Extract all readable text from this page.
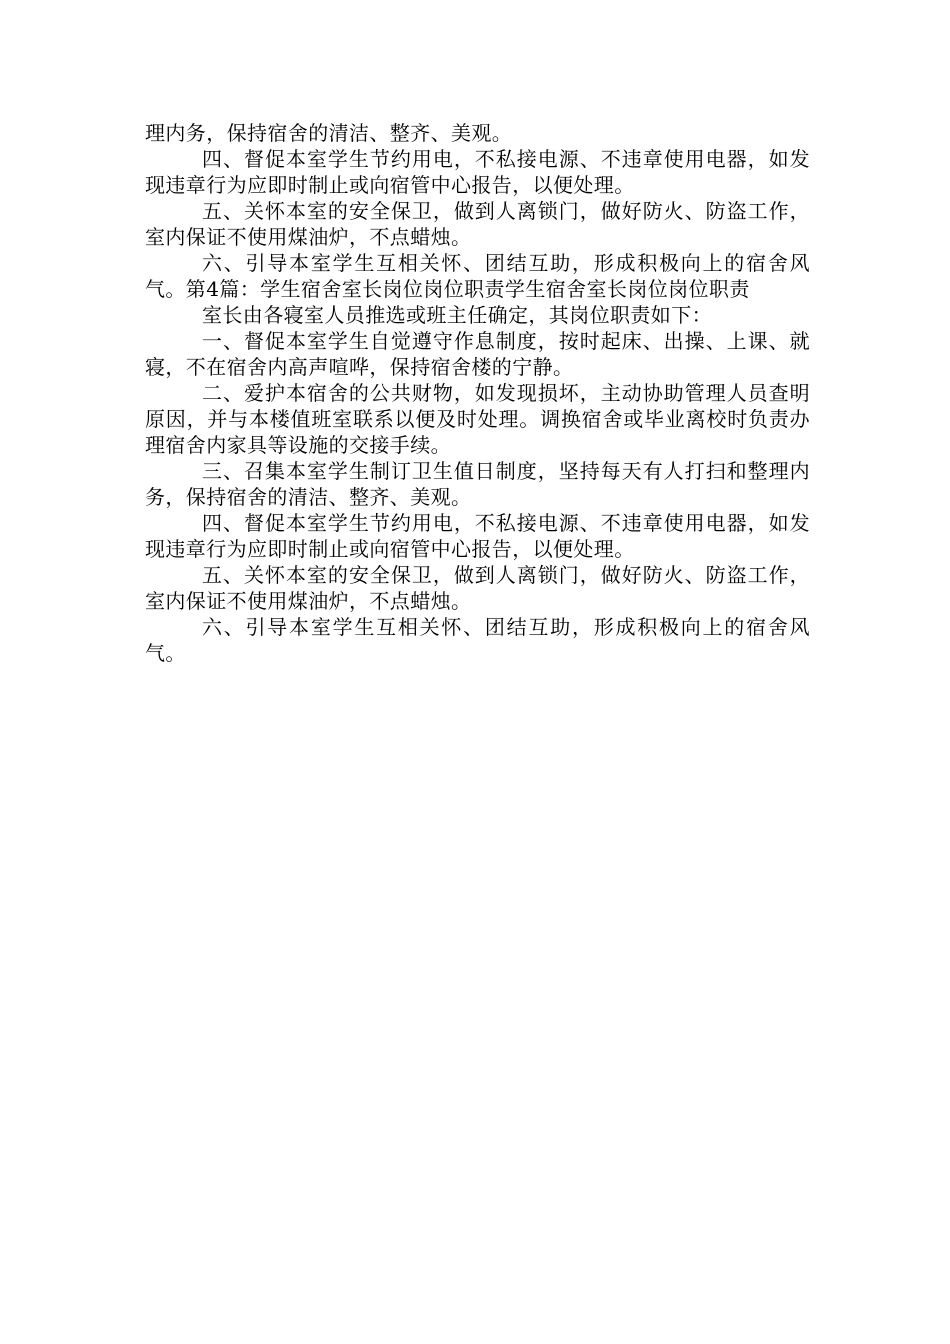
理内务，保持宿舍的清洁、整齐、美观。

四、督促本室学生节约用电，不私接电源、不违章使用电器，如发现违章行为应即时制止或向宿管中心报告，以便处理。

五、关怀本室的安全保卫，做到人离锁门，做好防火、防盗工作，室内保证不使用煤油炉，不点蜡烛。

六、引导本室学生互相关怀、团结互助，形成积极向上的宿舍风气。第4篇：学生宿舍室长岗位岗位职责学生宿舍室长岗位岗位职责

室长由各寝室人员推选或班主任确定，其岗位职责如下：

一、督促本室学生自觉遵守作息制度，按时起床、出操、上课、就寝，不在宿舍内高声喧哗，保持宿舍楼的宁静。

二、爱护本宿舍的公共财物，如发现损坏，主动协助管理人员查明原因，并与本楼值班室联系以便及时处理。调换宿舍或毕业离校时负责办理宿舍内家具等设施的交接手续。

三、召集本室学生制订卫生值日制度，坚持每天有人打扫和整理内务，保持宿舍的清洁、整齐、美观。

四、督促本室学生节约用电，不私接电源、不违章使用电器，如发现违章行为应即时制止或向宿管中心报告，以便处理。

五、关怀本室的安全保卫，做到人离锁门，做好防火、防盗工作，室内保证不使用煤油炉，不点蜡烛。

六、引导本室学生互相关怀、团结互助，形成积极向上的宿舍风气。
